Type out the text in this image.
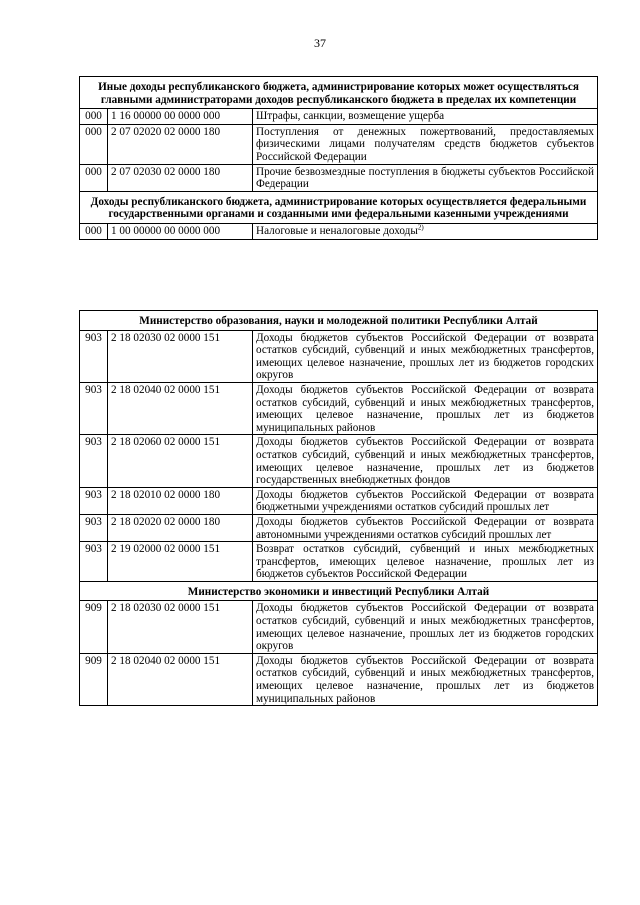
37
Иные доходы республиканского бюджета, администрирование которых может осуществляться главными администраторами доходов республиканского бюджета в пределах их компетенции		
000	1 16 00000 00 0000 000	Штрафы, санкции, возмещение ущерба
000	2 07 02020 02 0000 180	Поступления от денежных пожертвований, предоставляемых физическими лицами получателям средств бюджетов субъектов Российской Федерации
000	2 07 02030 02 0000 180	Прочие безвозмездные поступления в бюджеты субъектов Российской Федерации
Доходы республиканского бюджета, администрирование которых осуществляется федеральными государственными органами и созданными ими федеральными казенными учреждениями		
000	1 00 00000 00 0000 000	Налоговые и неналоговые доходы$^{2)}$
Министерство образования, науки и молодежной политики Республики Алтай		
903	2 18 02030 02 0000 151	Доходы бюджетов субъектов Российской Федерации от возврата остатков субсидий, субвенций и иных межбюджетных трансфертов, имеющих целевое назначение, прошлых лет из бюджетов городских округов
903	2 18 02040 02 0000 151	Доходы бюджетов субъектов Российской Федерации от возврата остатков субсидий, субвенций и иных межбюджетных трансфертов, имеющих целевое назначение, прошлых лет из бюджетов муниципальных районов
903	2 18 02060 02 0000 151	Доходы бюджетов субъектов Российской Федерации от возврата остатков субсидий, субвенций и иных межбюджетных трансфертов, имеющих целевое назначение, прошлых лет из бюджетов государственных внебюджетных фондов
903	2 18 02010 02 0000 180	Доходы бюджетов субъектов Российской Федерации от возврата бюджетными учреждениями остатков субсидий прошлых лет
903	2 18 02020 02 0000 180	Доходы бюджетов субъектов Российской Федерации от возврата автономными учреждениями остатков субсидий прошлых лет
903	2 19 02000 02 0000 151	Возврат остатков субсидий, субвенций и иных межбюджетных трансфертов, имеющих целевое назначение, прошлых лет из бюджетов субъектов Российской Федерации
Министерство экономики и инвестиций Республики Алтай		
909	2 18 02030 02 0000 151	Доходы бюджетов субъектов Российской Федерации от возврата остатков субсидий, субвенций и иных межбюджетных трансфертов, имеющих целевое назначение, прошлых лет из бюджетов городских округов
909	2 18 02040 02 0000 151	Доходы бюджетов субъектов Российской Федерации от возврата остатков субсидий, субвенций и иных межбюджетных трансфертов, имеющих целевое назначение, прошлых лет из бюджетов муниципальных районов
